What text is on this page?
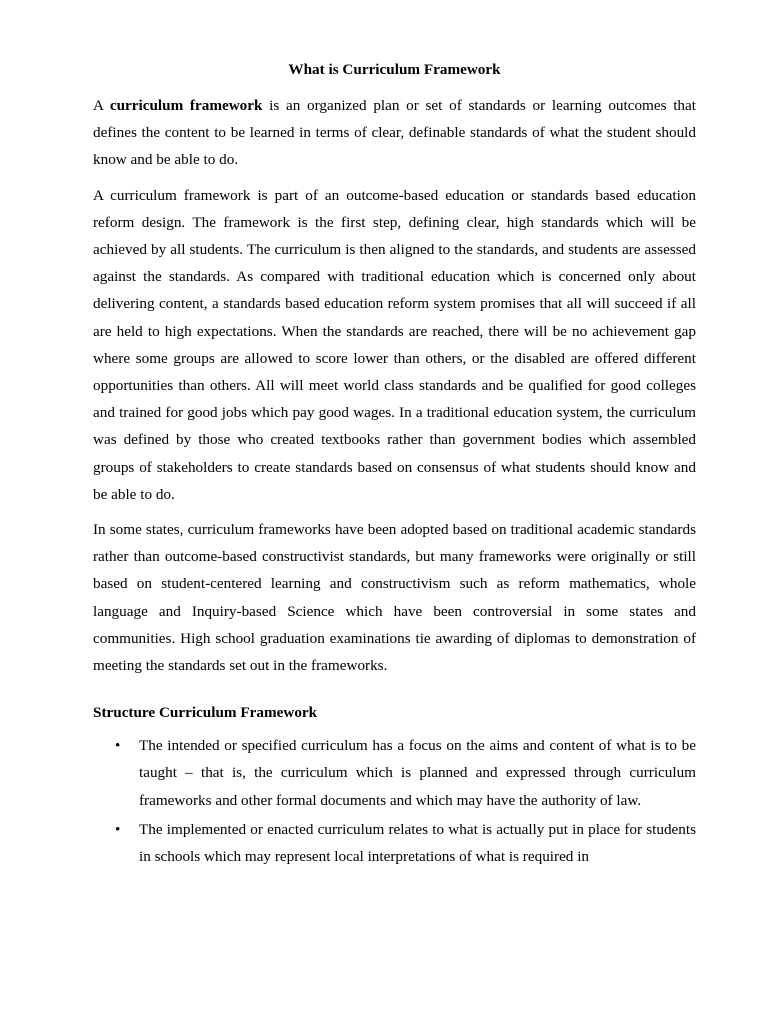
What is Curriculum Framework

A curriculum framework is an organized plan or set of standards or learning outcomes that defines the content to be learned in terms of clear, definable standards of what the student should know and be able to do.

A curriculum framework is part of an outcome-based education or standards based education reform design. The framework is the first step, defining clear, high standards which will be achieved by all students. The curriculum is then aligned to the standards, and students are assessed against the standards. As compared with traditional education which is concerned only about delivering content, a standards based education reform system promises that all will succeed if all are held to high expectations. When the standards are reached, there will be no achievement gap where some groups are allowed to score lower than others, or the disabled are offered different opportunities than others. All will meet world class standards and be qualified for good colleges and trained for good jobs which pay good wages. In a traditional education system, the curriculum was defined by those who created textbooks rather than government bodies which assembled groups of stakeholders to create standards based on consensus of what students should know and be able to do.

In some states, curriculum frameworks have been adopted based on traditional academic standards rather than outcome-based constructivist standards, but many frameworks were originally or still based on student-centered learning and constructivism such as reform mathematics, whole language and Inquiry-based Science which have been controversial in some states and communities. High school graduation examinations tie awarding of diplomas to demonstration of meeting the standards set out in the frameworks.

Structure Curriculum Framework
• The intended or specified curriculum has a focus on the aims and content of what is to be taught – that is, the curriculum which is planned and expressed through curriculum frameworks and other formal documents and which may have the authority of law.
• The implemented or enacted curriculum relates to what is actually put in place for students in schools which may represent local interpretations of what is required in
